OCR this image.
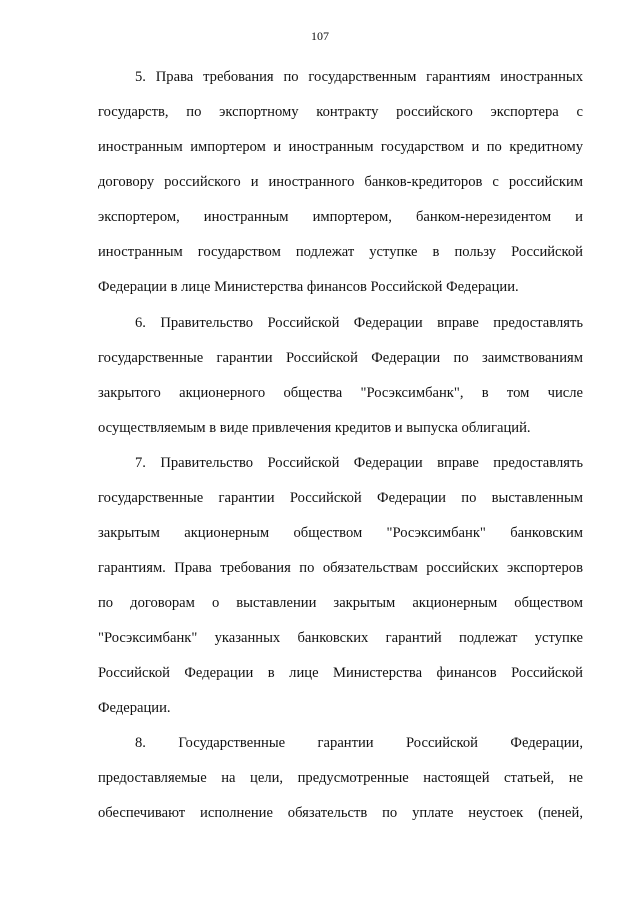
107
5. Права требования по государственным гарантиям иностранных
государств, по экспортному контракту российского экспортера с
иностранным импортером и иностранным государством и по кредитному
договору российского и иностранного банков-кредиторов с российским
экспортером, иностранным импортером, банком-нерезидентом и
иностранным государством подлежат уступке в пользу Российской
Федерации в лице Министерства финансов Российской Федерации.
6. Правительство Российской Федерации вправе предоставлять
государственные гарантии Российской Федерации по заимствованиям
закрытого акционерного общества "Росэксимбанк", в том числе
осуществляемым в виде привлечения кредитов и выпуска облигаций.
7. Правительство Российской Федерации вправе предоставлять
государственные гарантии Российской Федерации по выставленным
закрытым акционерным обществом "Росэксимбанк" банковским
гарантиям. Права требования по обязательствам российских экспортеров
по договорам о выставлении закрытым акционерным обществом
"Росэксимбанк" указанных банковских гарантий подлежат уступке
Российской Федерации в лице Министерства финансов Российской
Федерации.
8. Государственные гарантии Российской Федерации,
предоставляемые на цели, предусмотренные настоящей статьей, не
обеспечивают исполнение обязательств по уплате неустоек (пеней,
